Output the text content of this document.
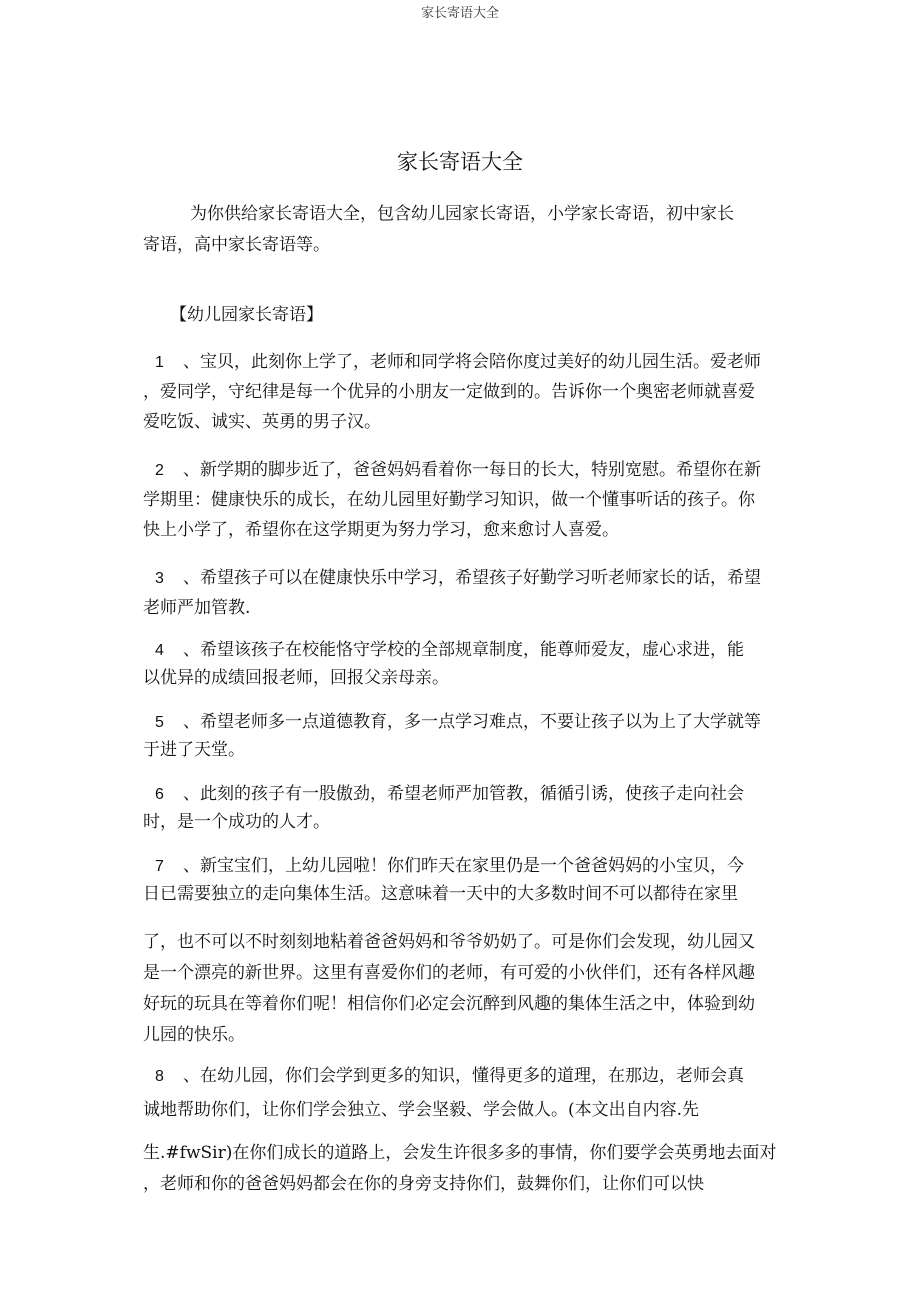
家长寄语大全
家长寄语大全
为你供给家长寄语大全，包含幼儿园家长寄语，小学家长寄语，初中家长
寄语，高中家长寄语等。
【幼儿园家长寄语】
1 、宝贝，此刻你上学了，老师和同学将会陪你度过美好的幼儿园生活。爱老师
，爱同学，守纪律是每一个优异的小朋友一定做到的。告诉你一个奥密老师就喜爱
爱吃饭、诚实、英勇的男子汉。
2 、新学期的脚步近了，爸爸妈妈看着你一每日的长大，特别宽慰。希望你在新
学期里：健康快乐的成长，在幼儿园里好勤学习知识，做一个懂事听话的孩子。你
快上小学了，希望你在这学期更为努力学习，愈来愈讨人喜爱。
3 、希望孩子可以在健康快乐中学习，希望孩子好勤学习听老师家长的话，希望
老师严加管教.
4 、希望该孩子在校能恪守学校的全部规章制度，能尊师爱友，虚心求进，能
以优异的成绩回报老师，回报父亲母亲。
5 、希望老师多一点道德教育，多一点学习难点，不要让孩子以为上了大学就等
于进了天堂。
6 、此刻的孩子有一股傲劲，希望老师严加管教，循循引诱，使孩子走向社会
时，是一个成功的人才。
7 、新宝宝们，上幼儿园啦！你们昨天在家里仍是一个爸爸妈妈的小宝贝，今
日已需要独立的走向集体生活。这意味着一天中的大多数时间不可以都待在家里
了，也不可以不时刻刻地粘着爸爸妈妈和爷爷奶奶了。可是你们会发现，幼儿园又
是一个漂亮的新世界。这里有喜爱你们的老师，有可爱的小伙伴们，还有各样风趣
好玩的玩具在等着你们呢！相信你们必定会沉醉到风趣的集体生活之中，体验到幼
儿园的快乐。
8 、在幼儿园，你们会学到更多的知识，懂得更多的道理，在那边，老师会真
诚地帮助你们，让你们学会独立、学会坚毅、学会做人。(本文出自内容.先
生.#fwSir)在你们成长的道路上，会发生许很多多的事情，你们要学会英勇地去面对
，老师和你的爸爸妈妈都会在你的身旁支持你们，鼓舞你们，让你们可以快
